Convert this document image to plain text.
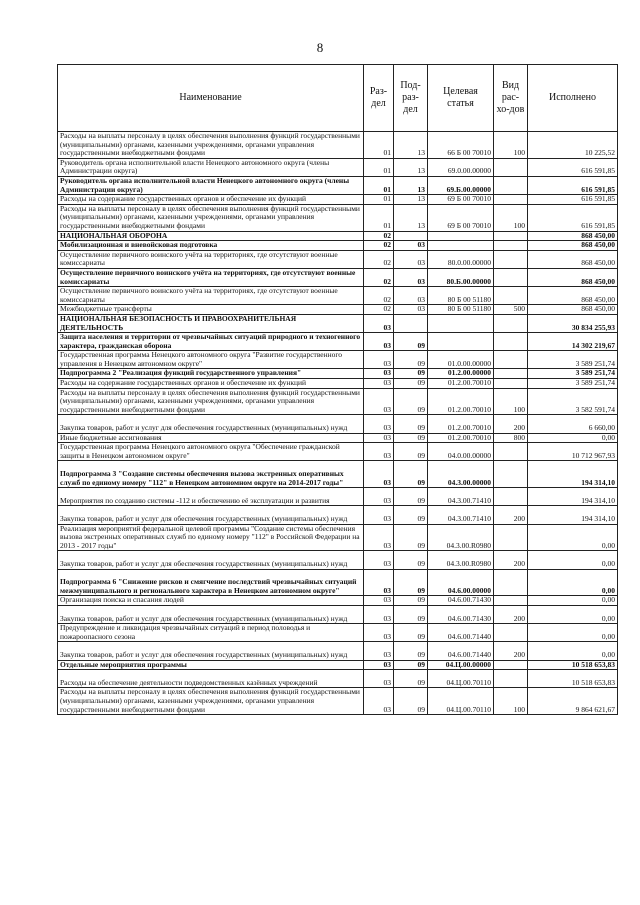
8
Наименование	Раз-дел	Под-раз-дел	Целевая статья	Вид рас-хо-дов	Исполнено
Расходы на выплаты персоналу в целях обеспечения выполнения функций государственными (муниципальными) органами, казенными учреждениями, органами управления государственными внебюджетными фондами	01	13	66 Б 00 70010	100	10 225,52
Руководитель органа исполнительной власти Ненецкого автономного округа (члены Администрации округа)	01	13	69.0.00.00000		616 591,85
Руководитель органа исполнительной власти Ненецкого автономного округа (члены Администрации округа)	01	13	69.Б.00.00000		616 591,85
Расходы на содержание государственных органов и обеспечение их функций	01	13	69 Б 00 70010		616 591,85
Расходы на выплаты персоналу в целях обеспечения выполнения функций государственными (муниципальными) органами, казенными учреждениями, органами управления государственными внебюджетными фондами	01	13	69 Б 00 70010	100	616 591,85
НАЦИОНАЛЬНАЯ ОБОРОНА	02				868 450,00
Мобилизационная и вневойсковая подготовка	02	03			868 450,00
Осуществление первичного воинского учёта на территориях, где отсутствуют военные комиссариаты	02	03	80.0.00.00000		868 450,00
Осуществление первичного воинского учёта на территориях, где отсутствуют военные комиссариаты	02	03	80.Б.00.00000		868 450,00
Осуществление первичного воинского учёта на территориях, где отсутствуют военные комиссариаты	02	03	80 Б 00 51180		868 450,00
Межбюджетные трансферты	02	03	80 Б 00 51180	500	868 450,00
НАЦИОНАЛЬНАЯ БЕЗОПАСНОСТЬ И ПРАВООХРАНИТЕЛЬНАЯ ДЕЯТЕЛЬНОСТЬ	03				30 834 255,93
Защита населения и территории от чрезвычайных ситуаций природного и техногенного характера, гражданская оборона	03	09			14 302 219,67
Государственная программа Ненецкого автономного округа "Развитие государственного управления в Ненецком автономном округе"	03	09	01.0.00.00000		3 589 251,74
Подпрограмма 2 "Реализация функций государственного управления"	03	09	01.2.00.00000		3 589 251,74
Расходы на содержание государственных органов и обеспечение их функций	03	09	01.2.00.70010		3 589 251,74
Расходы на выплаты персоналу в целях обеспечения выполнения функций государственными (муниципальными) органами, казенными учреждениями, органами управления государственными внебюджетными фондами	03	09	01.2.00.70010	100	3 582 591,74
Закупка товаров, работ и услуг для обеспечения государственных (муниципальных) нужд	03	09	01.2.00.70010	200	6 660,00
Иные бюджетные ассигнования	03	09	01.2.00.70010	800	0,00
Государственная программа Ненецкого автономного округа "Обеспечение гражданской защиты в Ненецком автономном округе"	03	09	04.0.00.00000		10 712 967,93
Подпрограмма 3 "Создание системы обеспечения вызова экстренных оперативных служб по единому номеру "112" в Ненецком автономном округе на 2014-2017 годы"	03	09	04.3.00.00000		194 314,10
Мероприятия по созданию системы -112 и обеспечению её эксплуатации и развития	03	09	04.3.00.71410		194 314,10
Закупка товаров, работ и услуг для обеспечения государственных (муниципальных) нужд	03	09	04.3.00.71410	200	194 314,10
Реализация мероприятий федеральной целевой программы "Создание системы обеспечения вызова экстренных оперативных служб по единому номеру "112" в Российской Федерации на 2013 - 2017 годы"	03	09	04.3.00.R0980		0,00
Закупка товаров, работ и услуг для обеспечения государственных (муниципальных) нужд	03	09	04.3.00.R0980	200	0,00
Подпрограмма 6 "Снижение рисков и смягчение последствий чрезвычайных ситуаций межмуниципального и регионального характера в Ненецком автономном округе"	03	09	04.6.00.00000		0,00
Организация поиска и спасания людей	03	09	04.6.00.71430		0,00
Закупка товаров, работ и услуг для обеспечения государственных (муниципальных) нужд	03	09	04.6.00.71430	200	0,00
Предупреждение и ликвидация чрезвычайных ситуаций в период половодья и пожароопасного сезона	03	09	04.6.00.71440		0,00
Закупка товаров, работ и услуг для обеспечения государственных (муниципальных) нужд	03	09	04.6.00.71440	200	0,00
Отдельные мероприятия программы	03	09	04.Ц.00.00000		10 518 653,83
Расходы на обеспечение деятельности подведомственных казённых учреждений	03	09	04.Ц.00.70110		10 518 653,83
Расходы на выплаты персоналу в целях обеспечения выполнения функций государственными (муниципальными) органами, казенными учреждениями, органами управления государственными внебюджетными фондами	03	09	04.Ц.00.70110	100	9 864 621,67
